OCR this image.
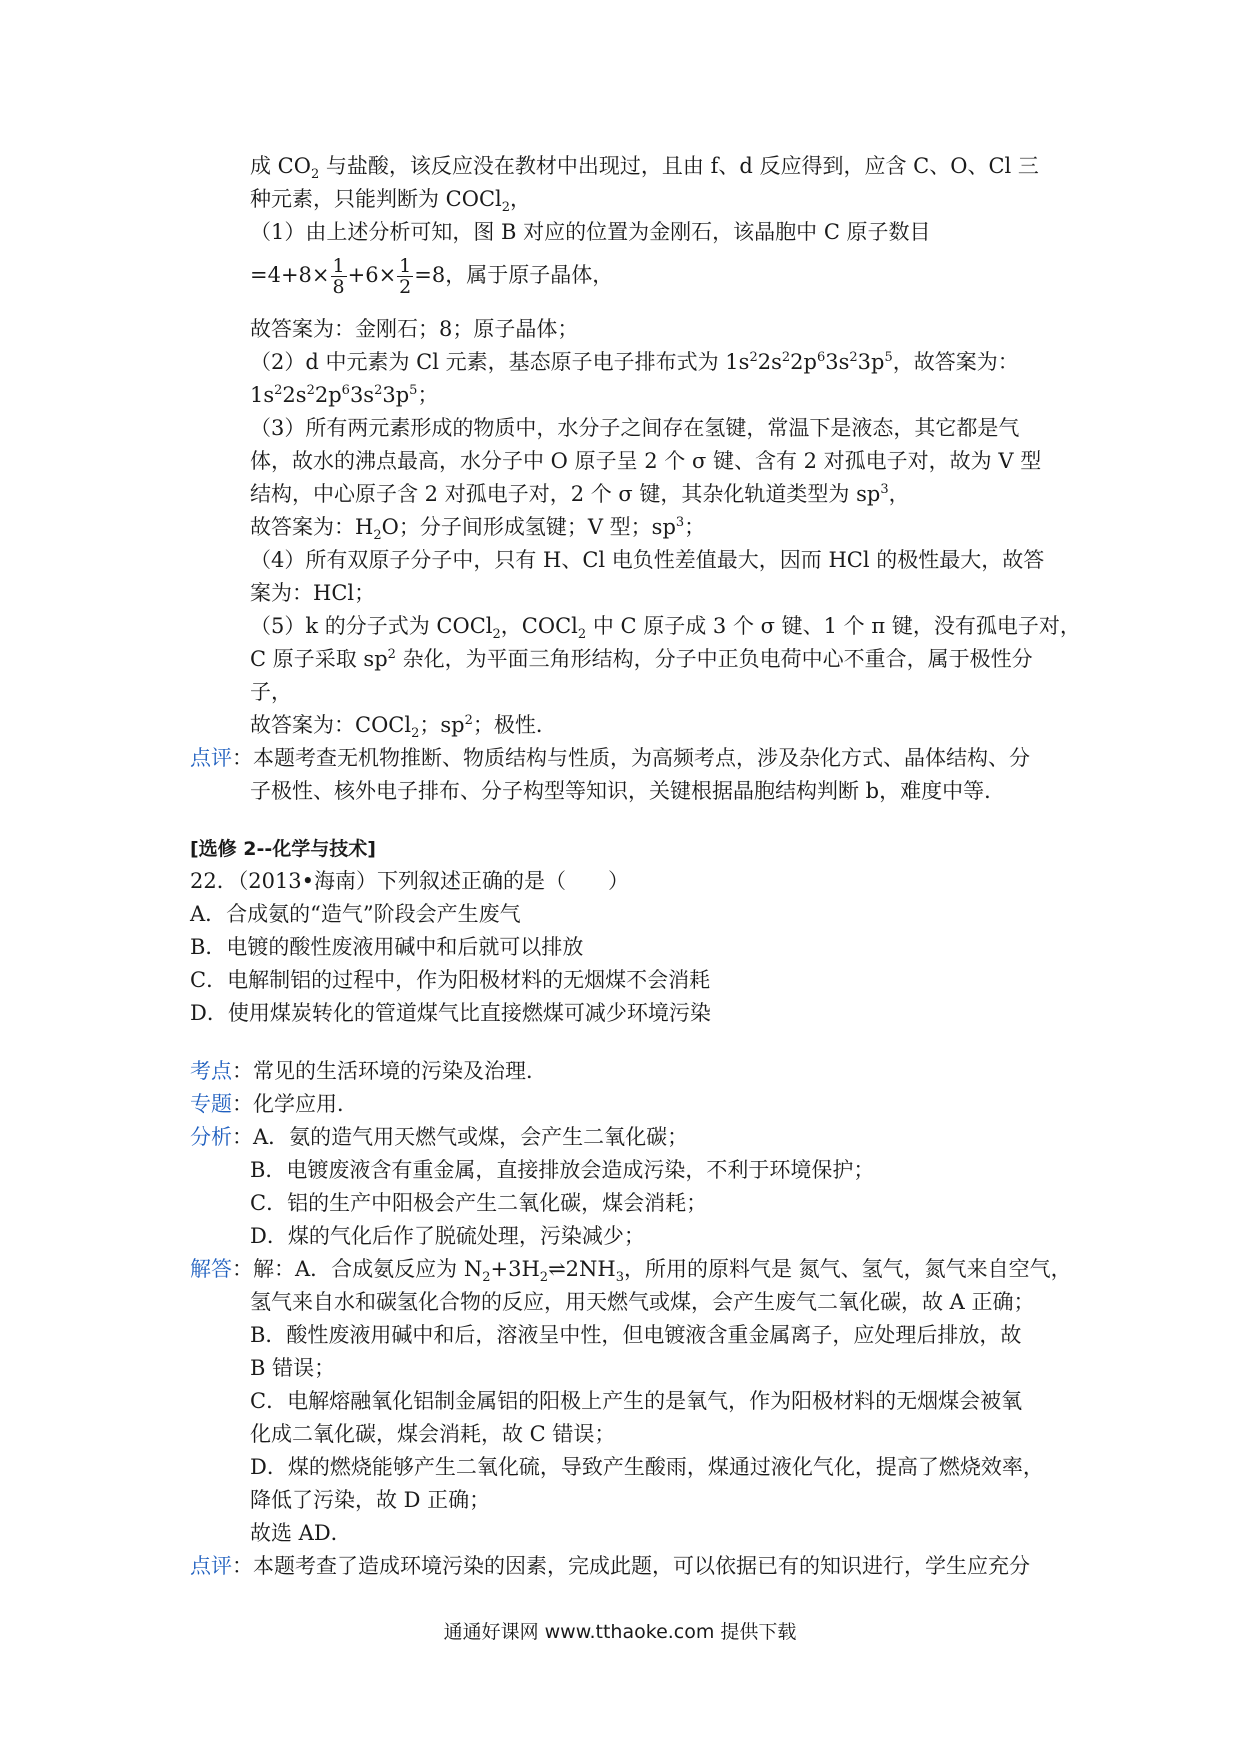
成 $CO_2$ 与盐酸，该反应没在教材中出现过，且由 f、d 反应得到，应含 C、O、Cl 三
种元素，只能判断为 COCl$_2$，
（1）由上述分析可知，图 B 对应的位置为金刚石，该晶胞中 C 原子数目
$=4+8\times \frac{1}{8} +6\times \frac{1}{2} =8$，属于原子晶体，
故答案为：金刚石；8；原子晶体；
（2）d 中元素为 Cl 元素，基态原子电子排布式为 $1s^22s^22p^63s^23p^5$，故答案为：
$1s^22s^22p^63s^23p^5$；
（3）所有两元素形成的物质中，水分子之间存在氢键，常温下是液态，其它都是气
体，故水的沸点最高，水分子中 O 原子呈 2 个 σ 键、含有 2 对孤电子对，故为 V 型
结构，中心原子含 2 对孤电子对，2 个 σ 键，其杂化轨道类型为 $sp^3$，
故答案为：$H_2O$；分子间形成氢键；V 型；$sp^3$；
（4）所有双原子分子中，只有 H、Cl 电负性差值最大，因而 HCl 的极性最大，故答
案为：HCl；
（5）k 的分子式为 COCl$_2$，COCl$_2$ 中 C 原子成 3 个 σ 键、1 个 π 键，没有孤电子对，
C 原子采取 $sp^2$ 杂化，为平面三角形结构，分子中正负电荷中心不重合，属于极性分
子，
故答案为：COCl$_2$；$sp^2$；极性．
点评：本题考查无机物推断、物质结构与性质，为高频考点，涉及杂化方式、晶体结构、分
子极性、核外电子排布、分子构型等知识，关键根据晶胞结构判断 b，难度中等．
[选修 2--化学与技术]
22．（2013•海南）下列叙述正确的是（　　）
A．合成氨的“造气”阶段会产生废气
B．电镀的酸性废液用碱中和后就可以排放
C．电解制铝的过程中，作为阳极材料的无烟煤不会消耗
D．使用煤炭转化的管道煤气比直接燃煤可减少环境污染
考点：常见的生活环境的污染及治理．
专题：化学应用．
分析：A．氨的造气用天燃气或煤，会产生二氧化碳；
B．电镀废液含有重金属，直接排放会造成污染，不利于环境保护；
C．铝的生产中阳极会产生二氧化碳，煤会消耗；
D．煤的气化后作了脱硫处理，污染减少；
解答：解：A．合成氨反应为 $N_2+3H_2\rightleftharpoons 2NH_3$，所用的原料气是 氮气、氢气，氮气来自空气，
氢气来自水和碳氢化合物的反应，用天燃气或煤，会产生废气二氧化碳，故 A 正确；
B．酸性废液用碱中和后，溶液呈中性，但电镀液含重金属离子，应处理后排放，故
B 错误；
C．电解熔融氧化铝制金属铝的阳极上产生的是氧气，作为阳极材料的无烟煤会被氧
化成二氧化碳，煤会消耗，故 C 错误；
D．煤的燃烧能够产生二氧化硫，导致产生酸雨，煤通过液化气化，提高了燃烧效率，
降低了污染，故 D 正确；
故选 AD．
点评：本题考查了造成环境污染的因素，完成此题，可以依据已有的知识进行，学生应充分
通通好课网 www.tthaoke.com 提供下载
